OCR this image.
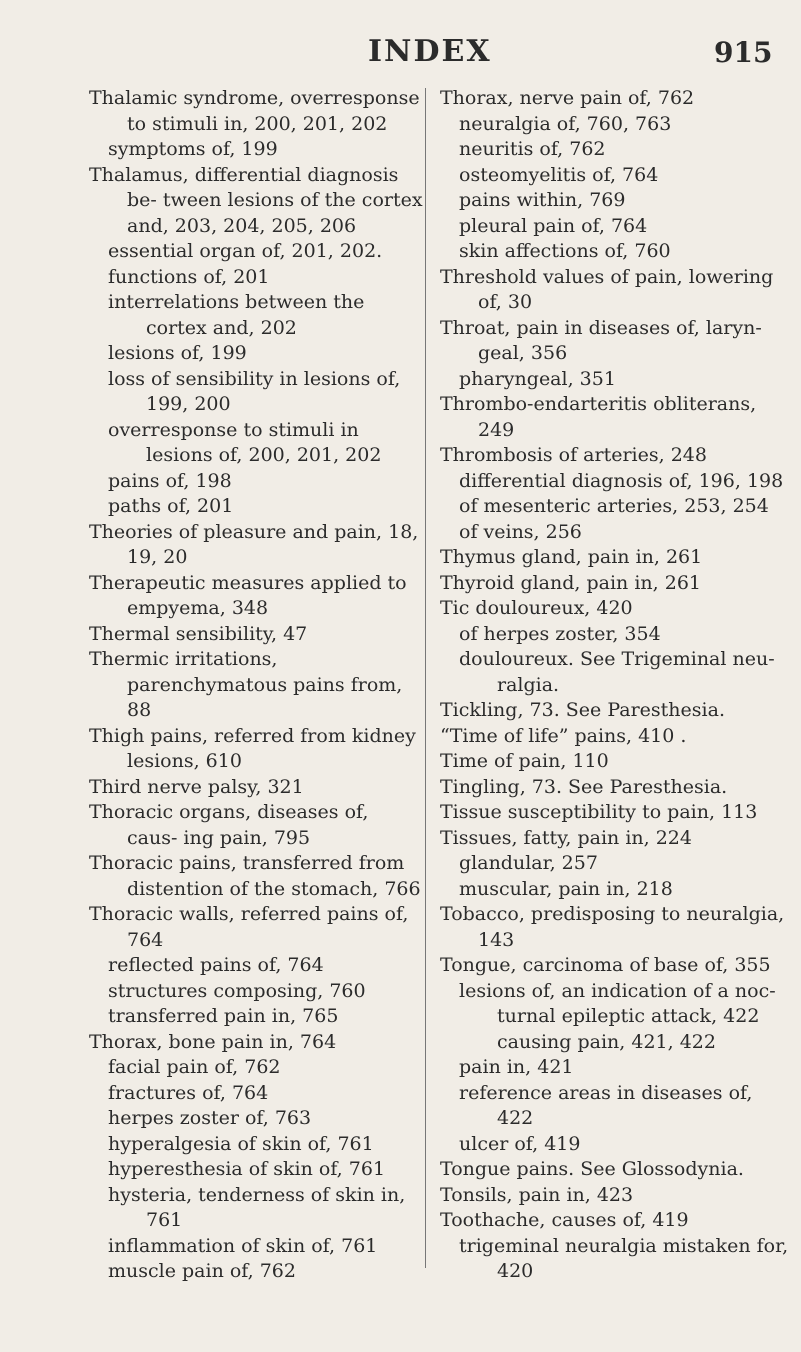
INDEX	915

Thalamic syndrome, overresponse to stimuli in, 200, 201, 202

symptoms of, 199

Thalamus, differential diagnosis be- tween lesions of the cortex and, 203, 204, 205, 206

essential organ of, 201, 202.

functions of, 201

interrelations between the cortex and, 202

lesions of, 199

loss of sensibility in lesions of, 199, 200

overresponse to stimuli in lesions of, 200, 201, 202

pains of, 198

paths of, 201

Theories of pleasure and pain, 18, 19, 20

Therapeutic measures applied to empyema, 348

Thermal sensibility, 47

Thermic irritations, parenchymatous pains from, 88

Thigh pains, referred from kidney lesions, 610

Third nerve palsy, 321

Thoracic organs, diseases of, caus- ing pain, 795

Thoracic pains, transferred from distention of the stomach, 766

Thoracic walls, referred pains of, 764

reflected pains of, 764

structures composing, 760

transferred pain in, 765

Thorax, bone pain in, 764

facial pain of, 762

fractures of, 764

herpes zoster of, 763

hyperalgesia of skin of, 761

hyperesthesia of skin of, 761

hysteria, tenderness of skin in, 761

inflammation of skin of, 761

muscle pain of, 762

Thorax, nerve pain of, 762

neuralgia of, 760, 763

neuritis of, 762

osteomyelitis of, 764

pains within, 769

pleural pain of, 764

skin affections of, 760

Threshold values of pain, lowering of, 30

Throat, pain in diseases of, laryn- geal, 356

pharyngeal, 351

Thrombo-endarteritis obliterans, 249

Thrombosis of arteries, 248

differential diagnosis of, 196, 198

of mesenteric arteries, 253, 254

of veins, 256

Thymus gland, pain in, 261

Thyroid gland, pain in, 261

Tic douloureux, 420

of herpes zoster, 354

douloureux. See Trigeminal neu- ralgia.

Tickling, 73. See Paresthesia.

“Time of life” pains, 410 .

Time of pain, 110

Tingling, 73. See Paresthesia.

Tissue susceptibility to pain, 113

Tissues, fatty, pain in, 224

glandular, 257

muscular, pain in, 218

Tobacco, predisposing to neuralgia, 143

Tongue, carcinoma of base of, 355

lesions of, an indication of a noc-

turnal epileptic attack, 422

causing pain, 421, 422

pain in, 421

reference areas in diseases of, 422

ulcer of, 419

Tongue pains. See Glossodynia.

Tonsils, pain in, 423

Toothache, causes of, 419

trigeminal neuralgia mistaken for, 420
